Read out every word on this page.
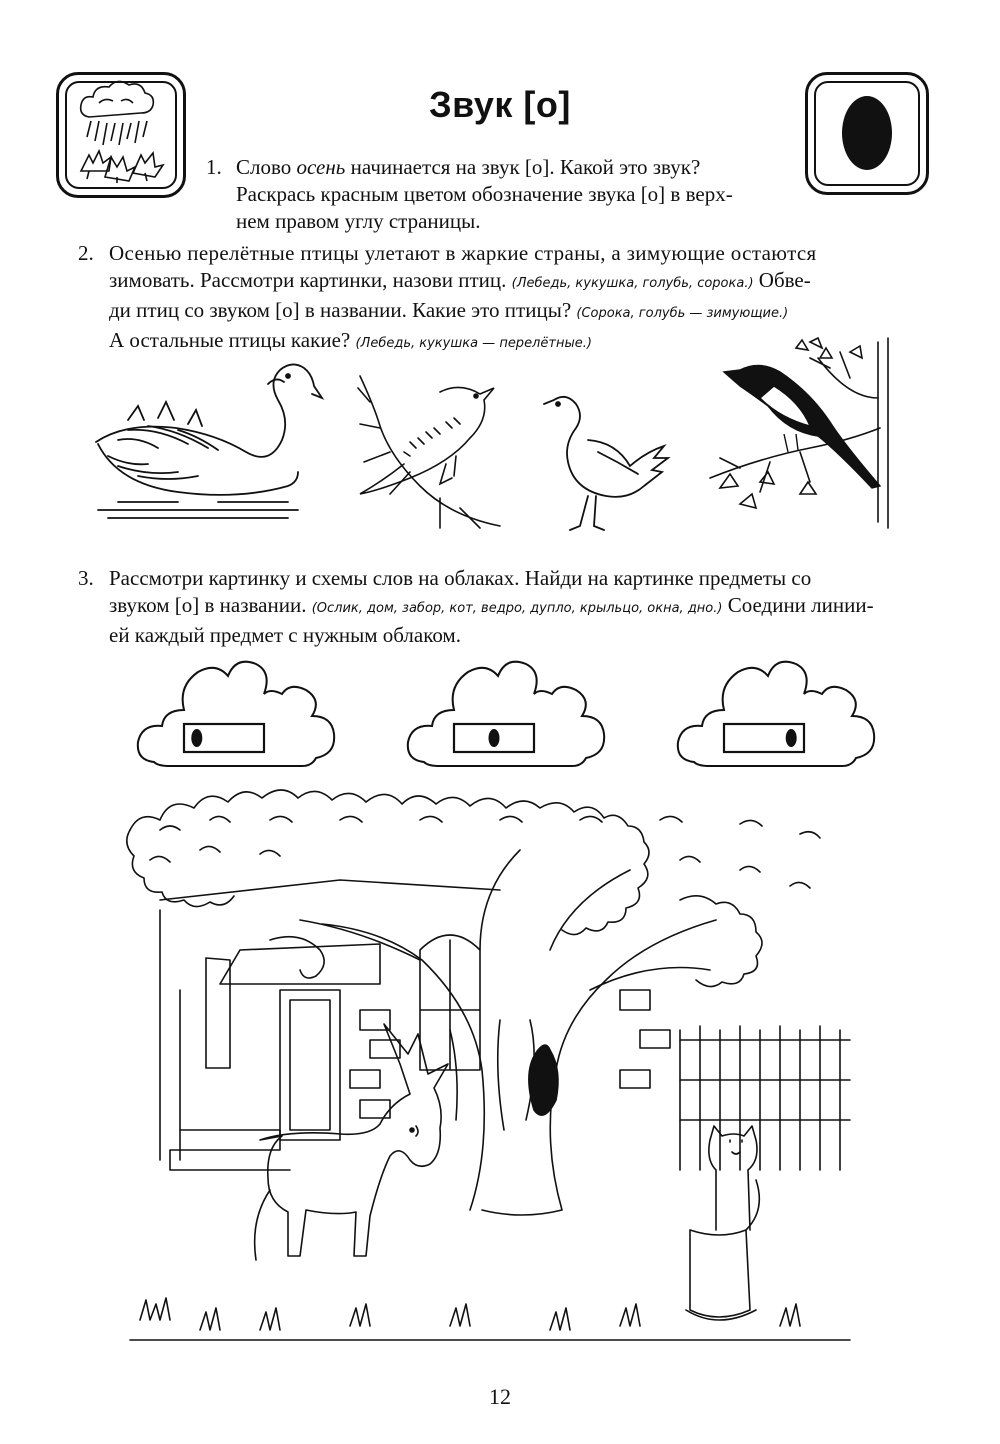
Звук [о]
1. Слово осень начинается на звук [о]. Какой это звук?
Раскрась красным цветом обозначение звука [о] в верх-
нем правом углу страницы.
2. Осенью перелётные птицы улетают в жаркие страны, а зимующие остаются
зимовать. Рассмотри картинки, назови птиц. (Лебедь, кукушка, голубь, сорока.) Обве-
ди птиц со звуком [о] в названии. Какие это птицы? (Сорока, голубь — зимующие.)
А остальные птицы какие? (Лебедь, кукушка — перелётные.)
3. Рассмотри картинку и схемы слов на облаках. Найди на картинке предметы со
звуком [о] в названии. (Ослик, дом, забор, кот, ведро, дупло, крыльцо, окна, дно.) Соедини линии-
ей каждый предмет с нужным облаком.
12
